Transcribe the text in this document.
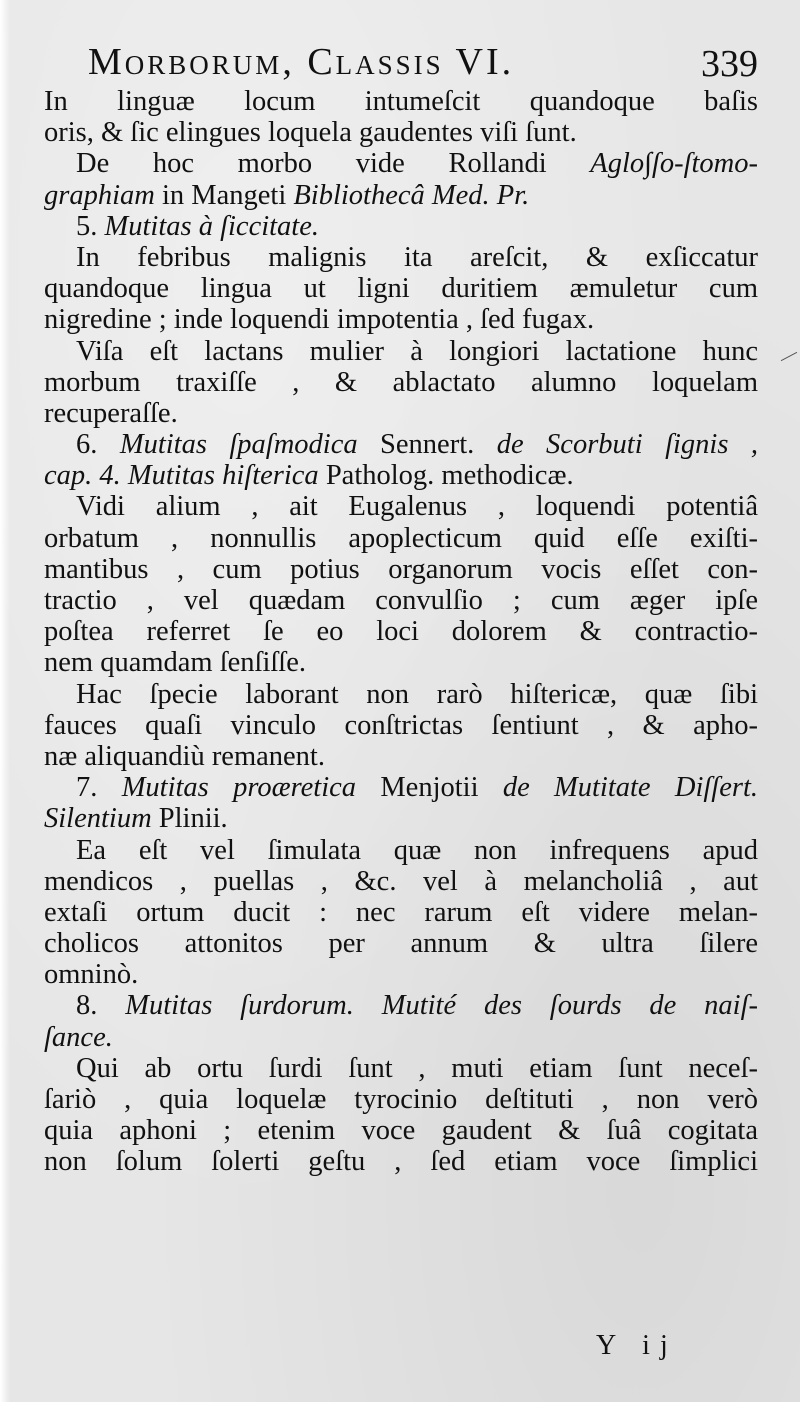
Morborum, Classis VI.	339
In linguæ locum intumeſcit quandoque baſis
oris, & ſic elingues loquela gaudentes viſi ſunt.
De hoc morbo vide Rollandi Aglo∫ſo-ſtomo-
graphiam in Mangeti Bibliothecâ Med. Pr.
5. Mutitas à ſiccitate.
In febribus malignis ita areſcit, & exſiccatur
quandoque lingua ut ligni duritiem æmuletur cum
nigredine ; inde loquendi impotentia , ſed fugax.
Viſa eſt lactans mulier à longiori lactatione hunc
morbum traxiſſe , & ablactato alumno loquelam
recuperaſſe.
6. Mutitas ſpaſmodica Sennert. de Scorbuti ſignis ,
cap. 4. Mutitas hiſterica Patholog. methodicæ.
Vidi alium , ait Eugalenus , loquendi potentiâ
orbatum , nonnullis apoplecticum quid eſſe exiſti-
mantibus , cum potius organorum vocis eſſet con-
tractio , vel quædam convulſio ; cum æger ipſe
poſtea referret ſe eo loci dolorem & contractio-
nem quamdam ſenſiſſe.
Hac ſpecie laborant non rarò hiſtericæ, quæ ſibi
fauces quaſi vinculo conſtrictas ſentiunt , & apho-
næ aliquandiù remanent.
7. Mutitas proæretica Menjotii de Mutitate Diſſert.
Silentium Plinii.
Ea eſt vel ſimulata quæ non infrequens apud
mendicos , puellas , &c. vel à melancholiâ , aut
extaſi ortum ducit : nec rarum eſt videre melan-
cholicos attonitos per annum & ultra ſilere
omninò.
8. Mutitas ſurdorum. Mutité des ſourds de naiſ-
ſance.
Qui ab ortu ſurdi ſunt , muti etiam ſunt neceſ-
ſariò , quia loquelæ tyrocinio deſtituti , non verò
quia aphoni ; etenim voce gaudent & ſuâ cogitata
non ſolum ſolerti geſtu , ſed etiam voce ſimplici
Y ij
